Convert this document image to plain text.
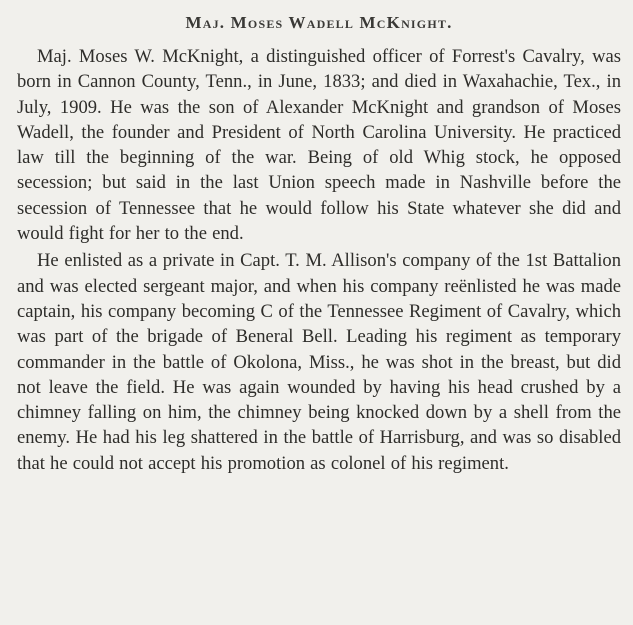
Maj. Moses Wadell McKnight.

Maj. Moses W. McKnight, a distinguished officer of Forrest's Cavalry, was born in Cannon County, Tenn., in June, 1833; and died in Waxahachie, Tex., in July, 1909. He was the son of Alexander McKnight and grandson of Moses Wadell, the founder and President of North Carolina University. He practiced law till the beginning of the war. Being of old Whig stock, he opposed secession; but said in the last Union speech made in Nashville before the secession of Tennessee that he would follow his State whatever she did and would fight for her to the end.

He enlisted as a private in Capt. T. M. Allison's company of the 1st Battalion and was elected sergeant major, and when his company reënlisted he was made captain, his company becoming C of the Tennessee Regiment of Cavalry, which was part of the brigade of Beneral Bell. Leading his regiment as temporary commander in the battle of Okolona, Miss., he was shot in the breast, but did not leave the field. He was again wounded by having his head crushed by a chimney falling on him, the chimney being knocked down by a shell from the enemy. He had his leg shattered in the battle of Harrisburg, and was so disabled that he could not accept his promotion as colonel of his regiment.
